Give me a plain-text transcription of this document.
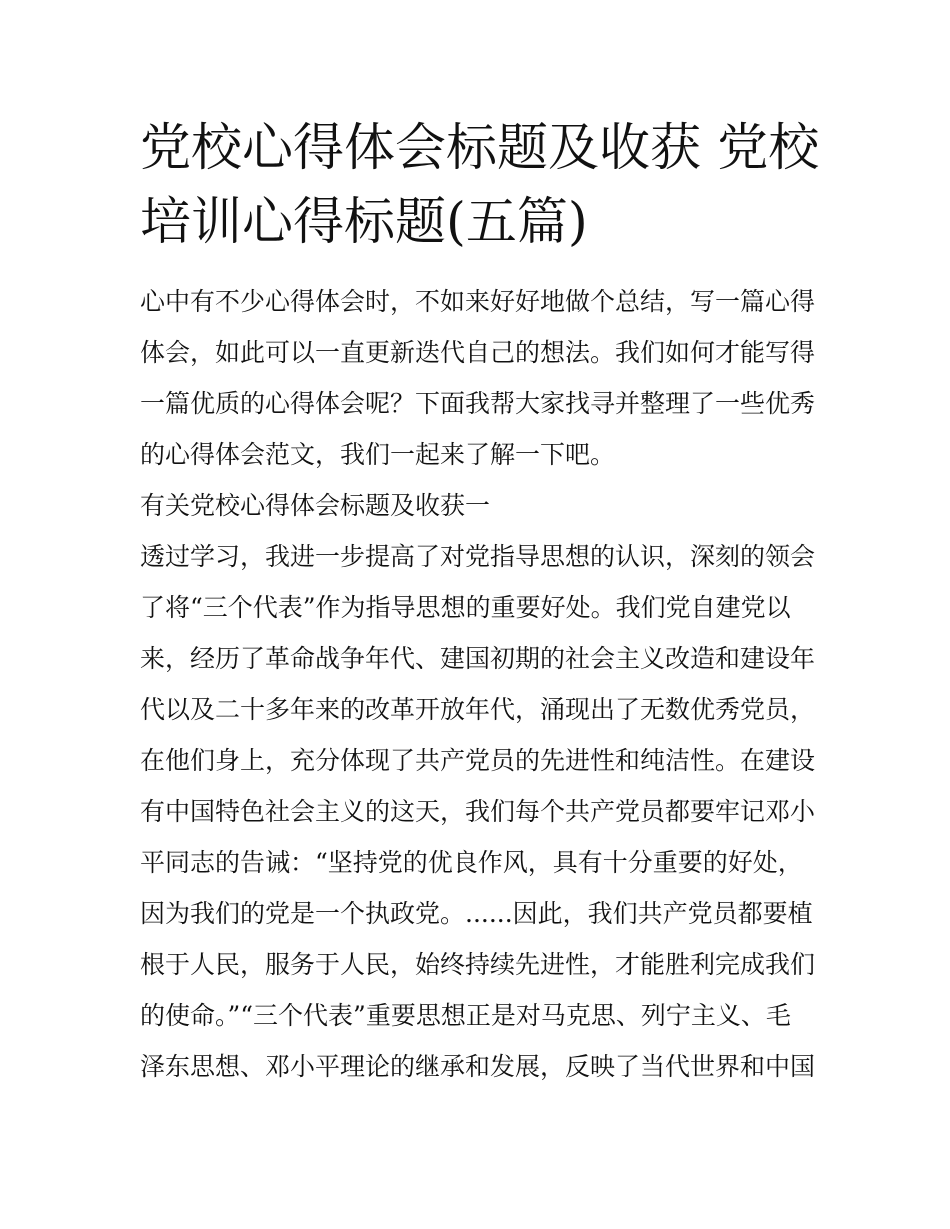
党校心得体会标题及收获 党校
培训心得标题(五篇)
心中有不少心得体会时，不如来好好地做个总结，写一篇心得
体会，如此可以一直更新迭代自己的想法。我们如何才能写得
一篇优质的心得体会呢？下面我帮大家找寻并整理了一些优秀
的心得体会范文，我们一起来了解一下吧。
有关党校心得体会标题及收获一
透过学习，我进一步提高了对党指导思想的认识，深刻的领会
了将“三个代表”作为指导思想的重要好处。我们党自建党以
来，经历了革命战争年代、建国初期的社会主义改造和建设年
代以及二十多年来的改革开放年代，涌现出了无数优秀党员，
在他们身上，充分体现了共产党员的先进性和纯洁性。在建设
有中国特色社会主义的这天，我们每个共产党员都要牢记邓小
平同志的告诫：“坚持党的优良作风，具有十分重要的好处，
因为我们的党是一个执政党。......因此，我们共产党员都要植
根于人民，服务于人民，始终持续先进性，才能胜利完成我们
的使命。”“三个代表”重要思想正是对马克思、列宁主义、毛
泽东思想、邓小平理论的继承和发展，反映了当代世界和中国
